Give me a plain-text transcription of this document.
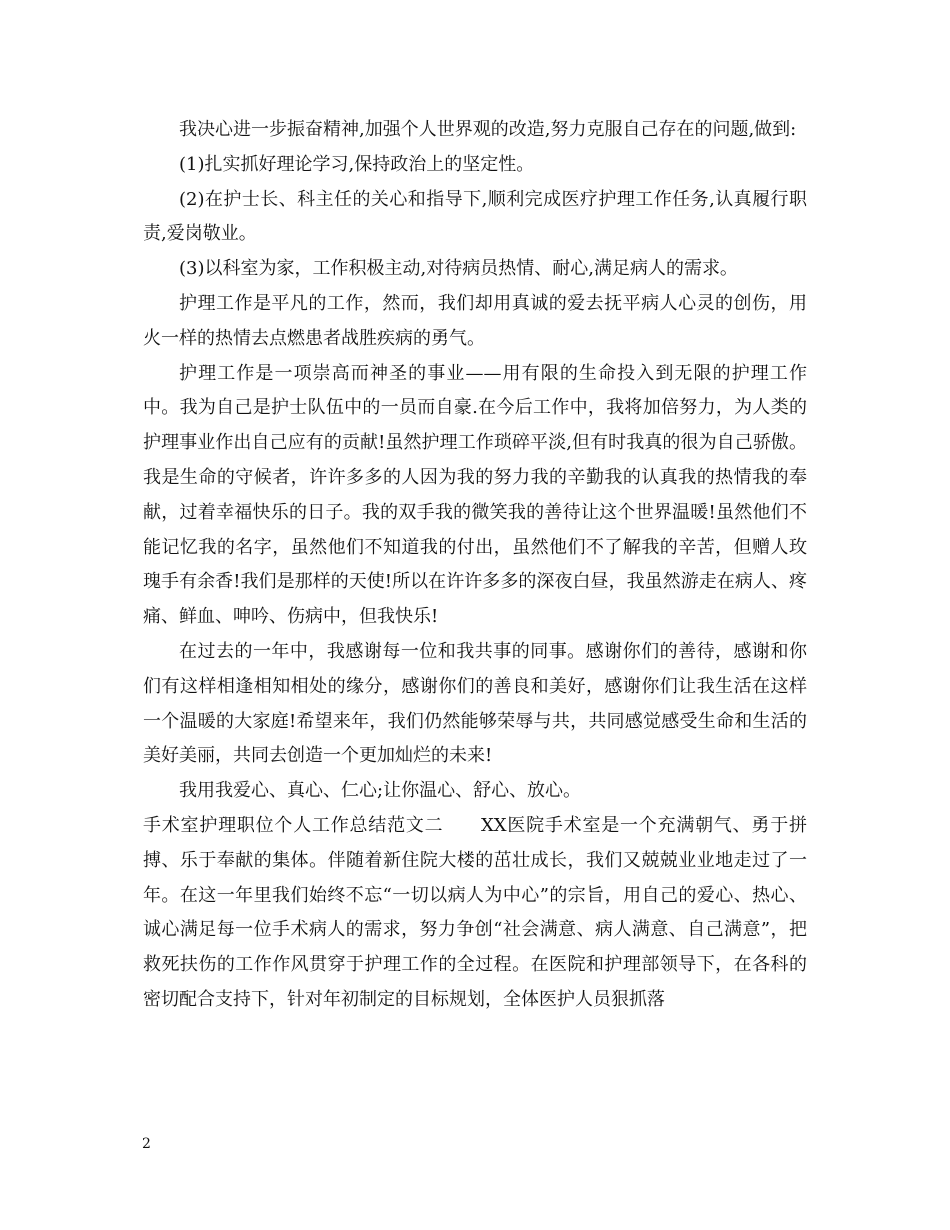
我决心进一步振奋精神,加强个人世界观的改造,努力克服自己存在的问题,做到:

(1)扎实抓好理论学习,保持政治上的坚定性。

(2)在护士长、科主任的关心和指导下,顺利完成医疗护理工作任务,认真履行职责,爱岗敬业。

(3)以科室为家，工作积极主动,对待病员热情、耐心,满足病人的需求。

护理工作是平凡的工作，然而，我们却用真诚的爱去抚平病人心灵的创伤，用火一样的热情去点燃患者战胜疾病的勇气。

护理工作是一项崇高而神圣的事业——用有限的生命投入到无限的护理工作中。我为自己是护士队伍中的一员而自豪.在今后工作中，我将加倍努力，为人类的护理事业作出自己应有的贡献!虽然护理工作琐碎平淡,但有时我真的很为自己骄傲。我是生命的守候者，许许多多的人因为我的努力我的辛勤我的认真我的热情我的奉献，过着幸福快乐的日子。我的双手我的微笑我的善待让这个世界温暖!虽然他们不能记忆我的名字，虽然他们不知道我的付出，虽然他们不了解我的辛苦，但赠人玫瑰手有余香!我们是那样的天使!所以在许许多多的深夜白昼，我虽然游走在病人、疼痛、鲜血、呻吟、伤病中，但我快乐!

在过去的一年中，我感谢每一位和我共事的同事。感谢你们的善待，感谢和你们有这样相逢相知相处的缘分，感谢你们的善良和美好，感谢你们让我生活在这样一个温暖的大家庭!希望来年，我们仍然能够荣辱与共，共同感觉感受生命和生活的美好美丽，共同去创造一个更加灿烂的未来!

我用我爱心、真心、仁心;让你温心、舒心、放心。

手术室护理职位个人工作总结范文二　　XX医院手术室是一个充满朝气、勇于拼搏、乐于奉献的集体。伴随着新住院大楼的茁壮成长，我们又兢兢业业地走过了一年。在这一年里我们始终不忘“一切以病人为中心”的宗旨，用自己的爱心、热心、诚心满足每一位手术病人的需求，努力争创“社会满意、病人满意、自己满意”，把救死扶伤的工作作风贯穿于护理工作的全过程。在医院和护理部领导下，在各科的密切配合支持下，针对年初制定的目标规划，全体医护人员狠抓落

2
